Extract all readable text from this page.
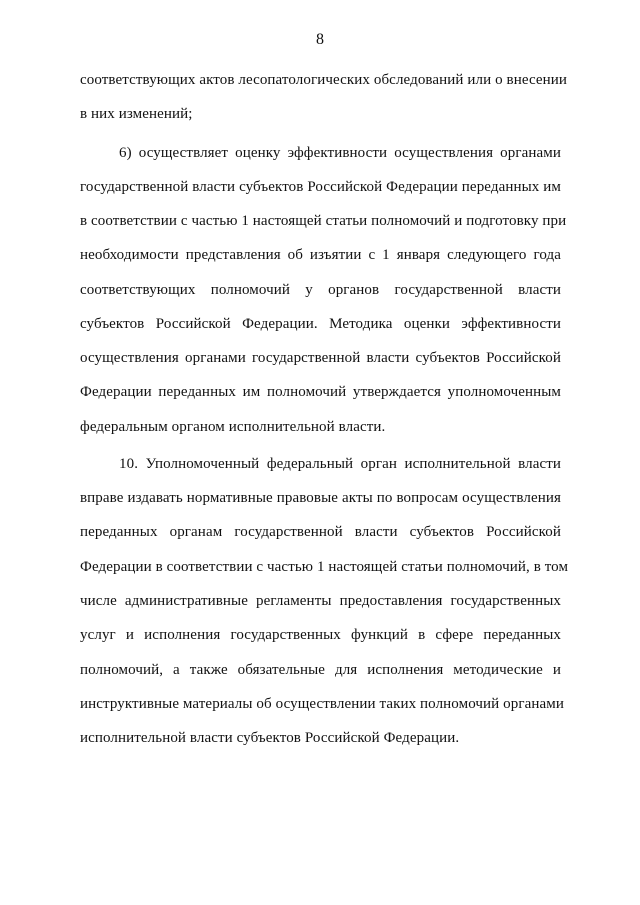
8
соответствующих актов лесопатологических обследований или о внесении
в них изменений;
6) осуществляет оценку эффективности осуществления органами
государственной власти субъектов Российской Федерации переданных им
в соответствии с частью 1 настоящей статьи полномочий и подготовку при
необходимости представления об изъятии с 1 января следующего года
соответствующих полномочий у органов государственной власти
субъектов Российской Федерации. Методика оценки эффективности
осуществления органами государственной власти субъектов Российской
Федерации переданных им полномочий утверждается уполномоченным
федеральным органом исполнительной власти.
10. Уполномоченный федеральный орган исполнительной власти
вправе издавать нормативные правовые акты по вопросам осуществления
переданных органам государственной власти субъектов Российской
Федерации в соответствии с частью 1 настоящей статьи полномочий, в том
числе административные регламенты предоставления государственных
услуг и исполнения государственных функций в сфере переданных
полномочий, а также обязательные для исполнения методические и
инструктивные материалы об осуществлении таких полномочий органами
исполнительной власти субъектов Российской Федерации.
